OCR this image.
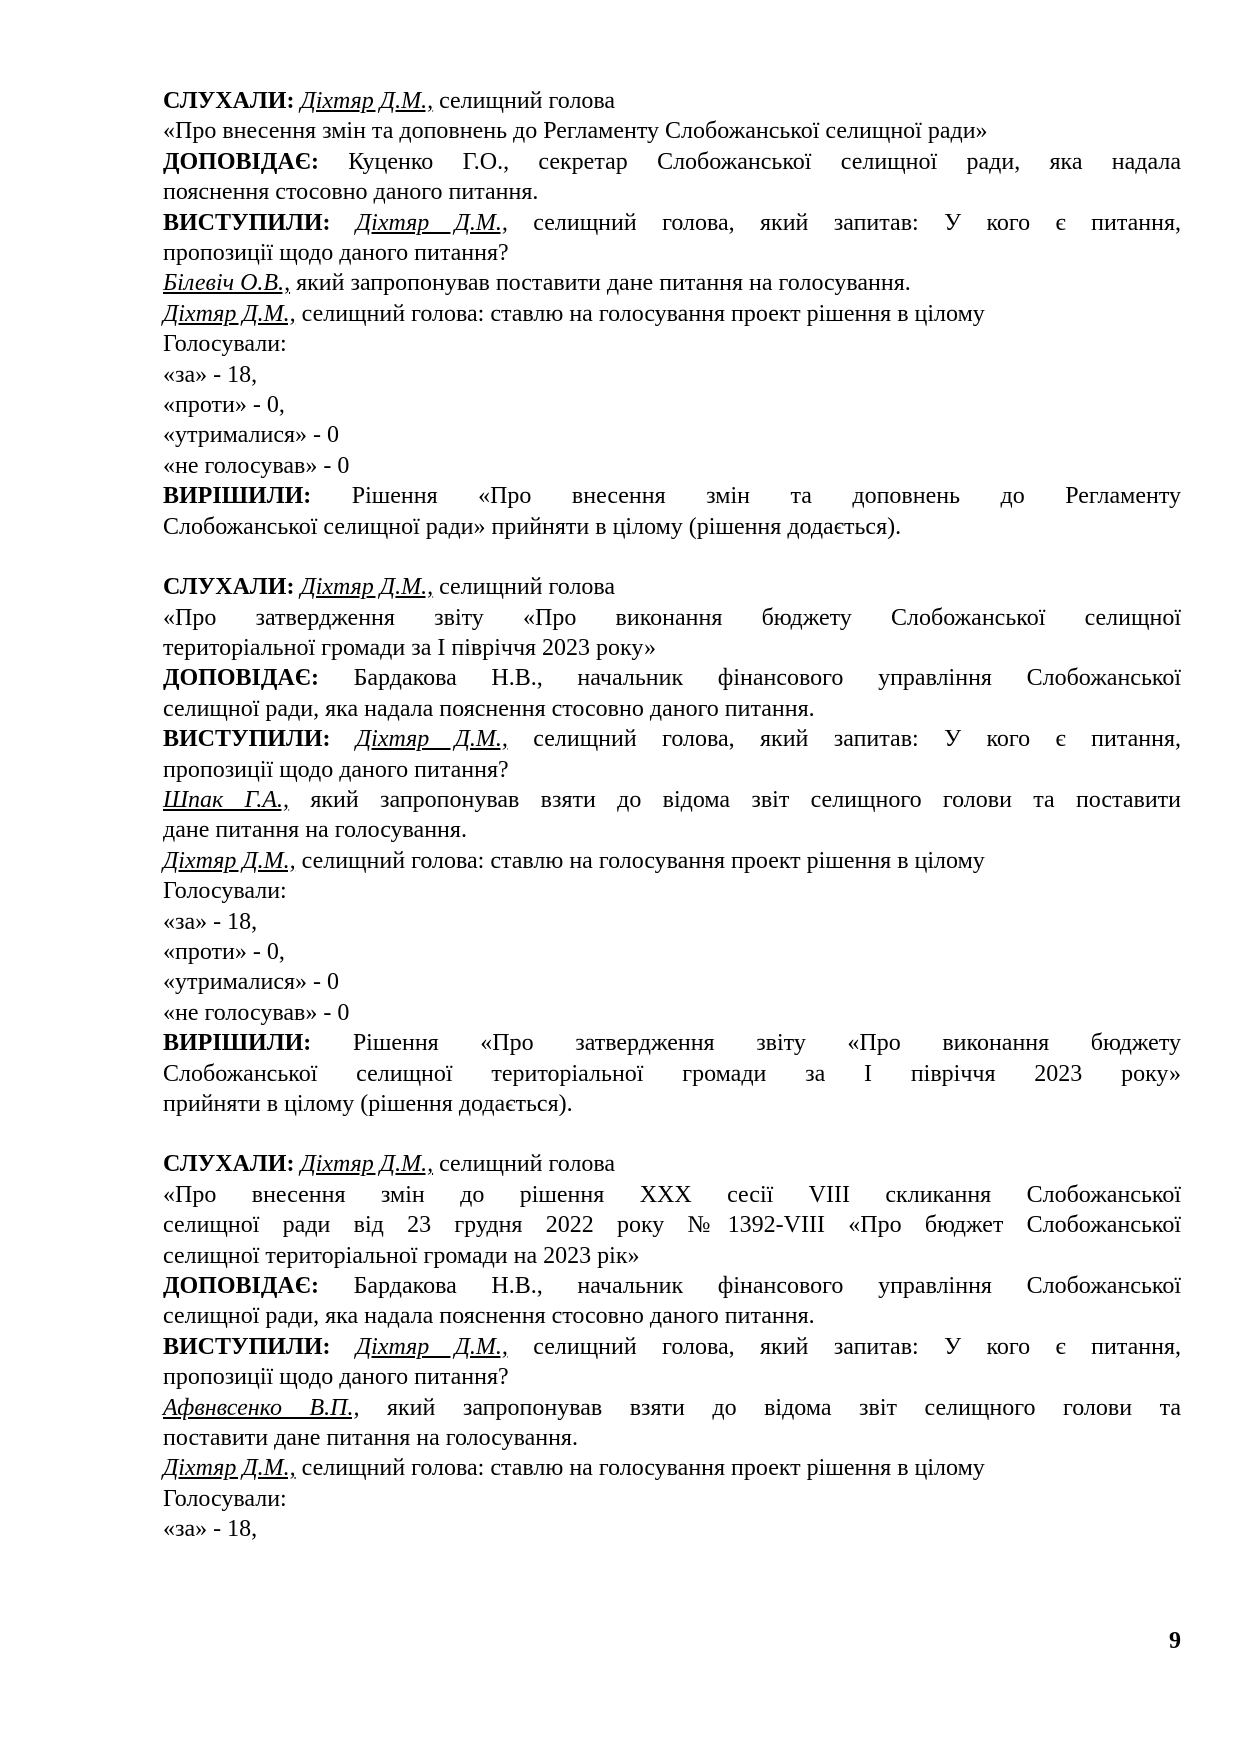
СЛУХАЛИ: Діхтяр Д.М., селищний голова
«Про внесення змін та доповнень до Регламенту Слобожанської селищної ради»
ДОПОВІДАЄ: Куценко Г.О., секретар Слобожанської селищної ради, яка надала
пояснення стосовно даного питання.
ВИСТУПИЛИ: Діхтяр Д.М., селищний голова, який запитав: У кого є питання,
пропозиції щодо даного питання?
Білевіч О.В., який запропонував поставити дане питання на голосування.
Діхтяр Д.М., селищний голова: ставлю на голосування проект рішення в цілому
Голосували:
«за» - 18,
«проти» - 0,
«утрималися» - 0
«не голосував» - 0
ВИРІШИЛИ: Рішення «Про внесення змін та доповнень до Регламенту
Слобожанської селищної ради» прийняти в цілому (рішення додається).
СЛУХАЛИ: Діхтяр Д.М., селищний голова
«Про затвердження звіту «Про виконання бюджету Слобожанської селищної
територіальної громади за І півріччя 2023 року»
ДОПОВІДАЄ: Бардакова Н.В., начальник фінансового управління Слобожанської
селищної ради, яка надала пояснення стосовно даного питання.
ВИСТУПИЛИ: Діхтяр Д.М., селищний голова, який запитав: У кого є питання,
пропозиції щодо даного питання?
Шпак Г.А., який запропонував взяти до відома звіт селищного голови та поставити
дане питання на голосування.
Діхтяр Д.М., селищний голова: ставлю на голосування проект рішення в цілому
Голосували:
«за» - 18,
«проти» - 0,
«утрималися» - 0
«не голосував» - 0
ВИРІШИЛИ: Рішення «Про затвердження звіту «Про виконання бюджету
Слобожанської селищної територіальної громади за І півріччя 2023 року»
прийняти в цілому (рішення додається).
СЛУХАЛИ: Діхтяр Д.М., селищний голова
«Про внесення змін до рішення ХХХ сесії VIII скликання Слобожанської
селищної ради від 23 грудня 2022 року №1392-VIII «Про бюджет Слобожанської
селищної територіальної громади на 2023 рік»
ДОПОВІДАЄ: Бардакова Н.В., начальник фінансового управління Слобожанської
селищної ради, яка надала пояснення стосовно даного питання.
ВИСТУПИЛИ: Діхтяр Д.М., селищний голова, який запитав: У кого є питання,
пропозиції щодо даного питання?
Афвнвсенко В.П., який запропонував взяти до відома звіт селищного голови та
поставити дане питання на голосування.
Діхтяр Д.М., селищний голова: ставлю на голосування проект рішення в цілому
Голосували:
«за» - 18,
9
